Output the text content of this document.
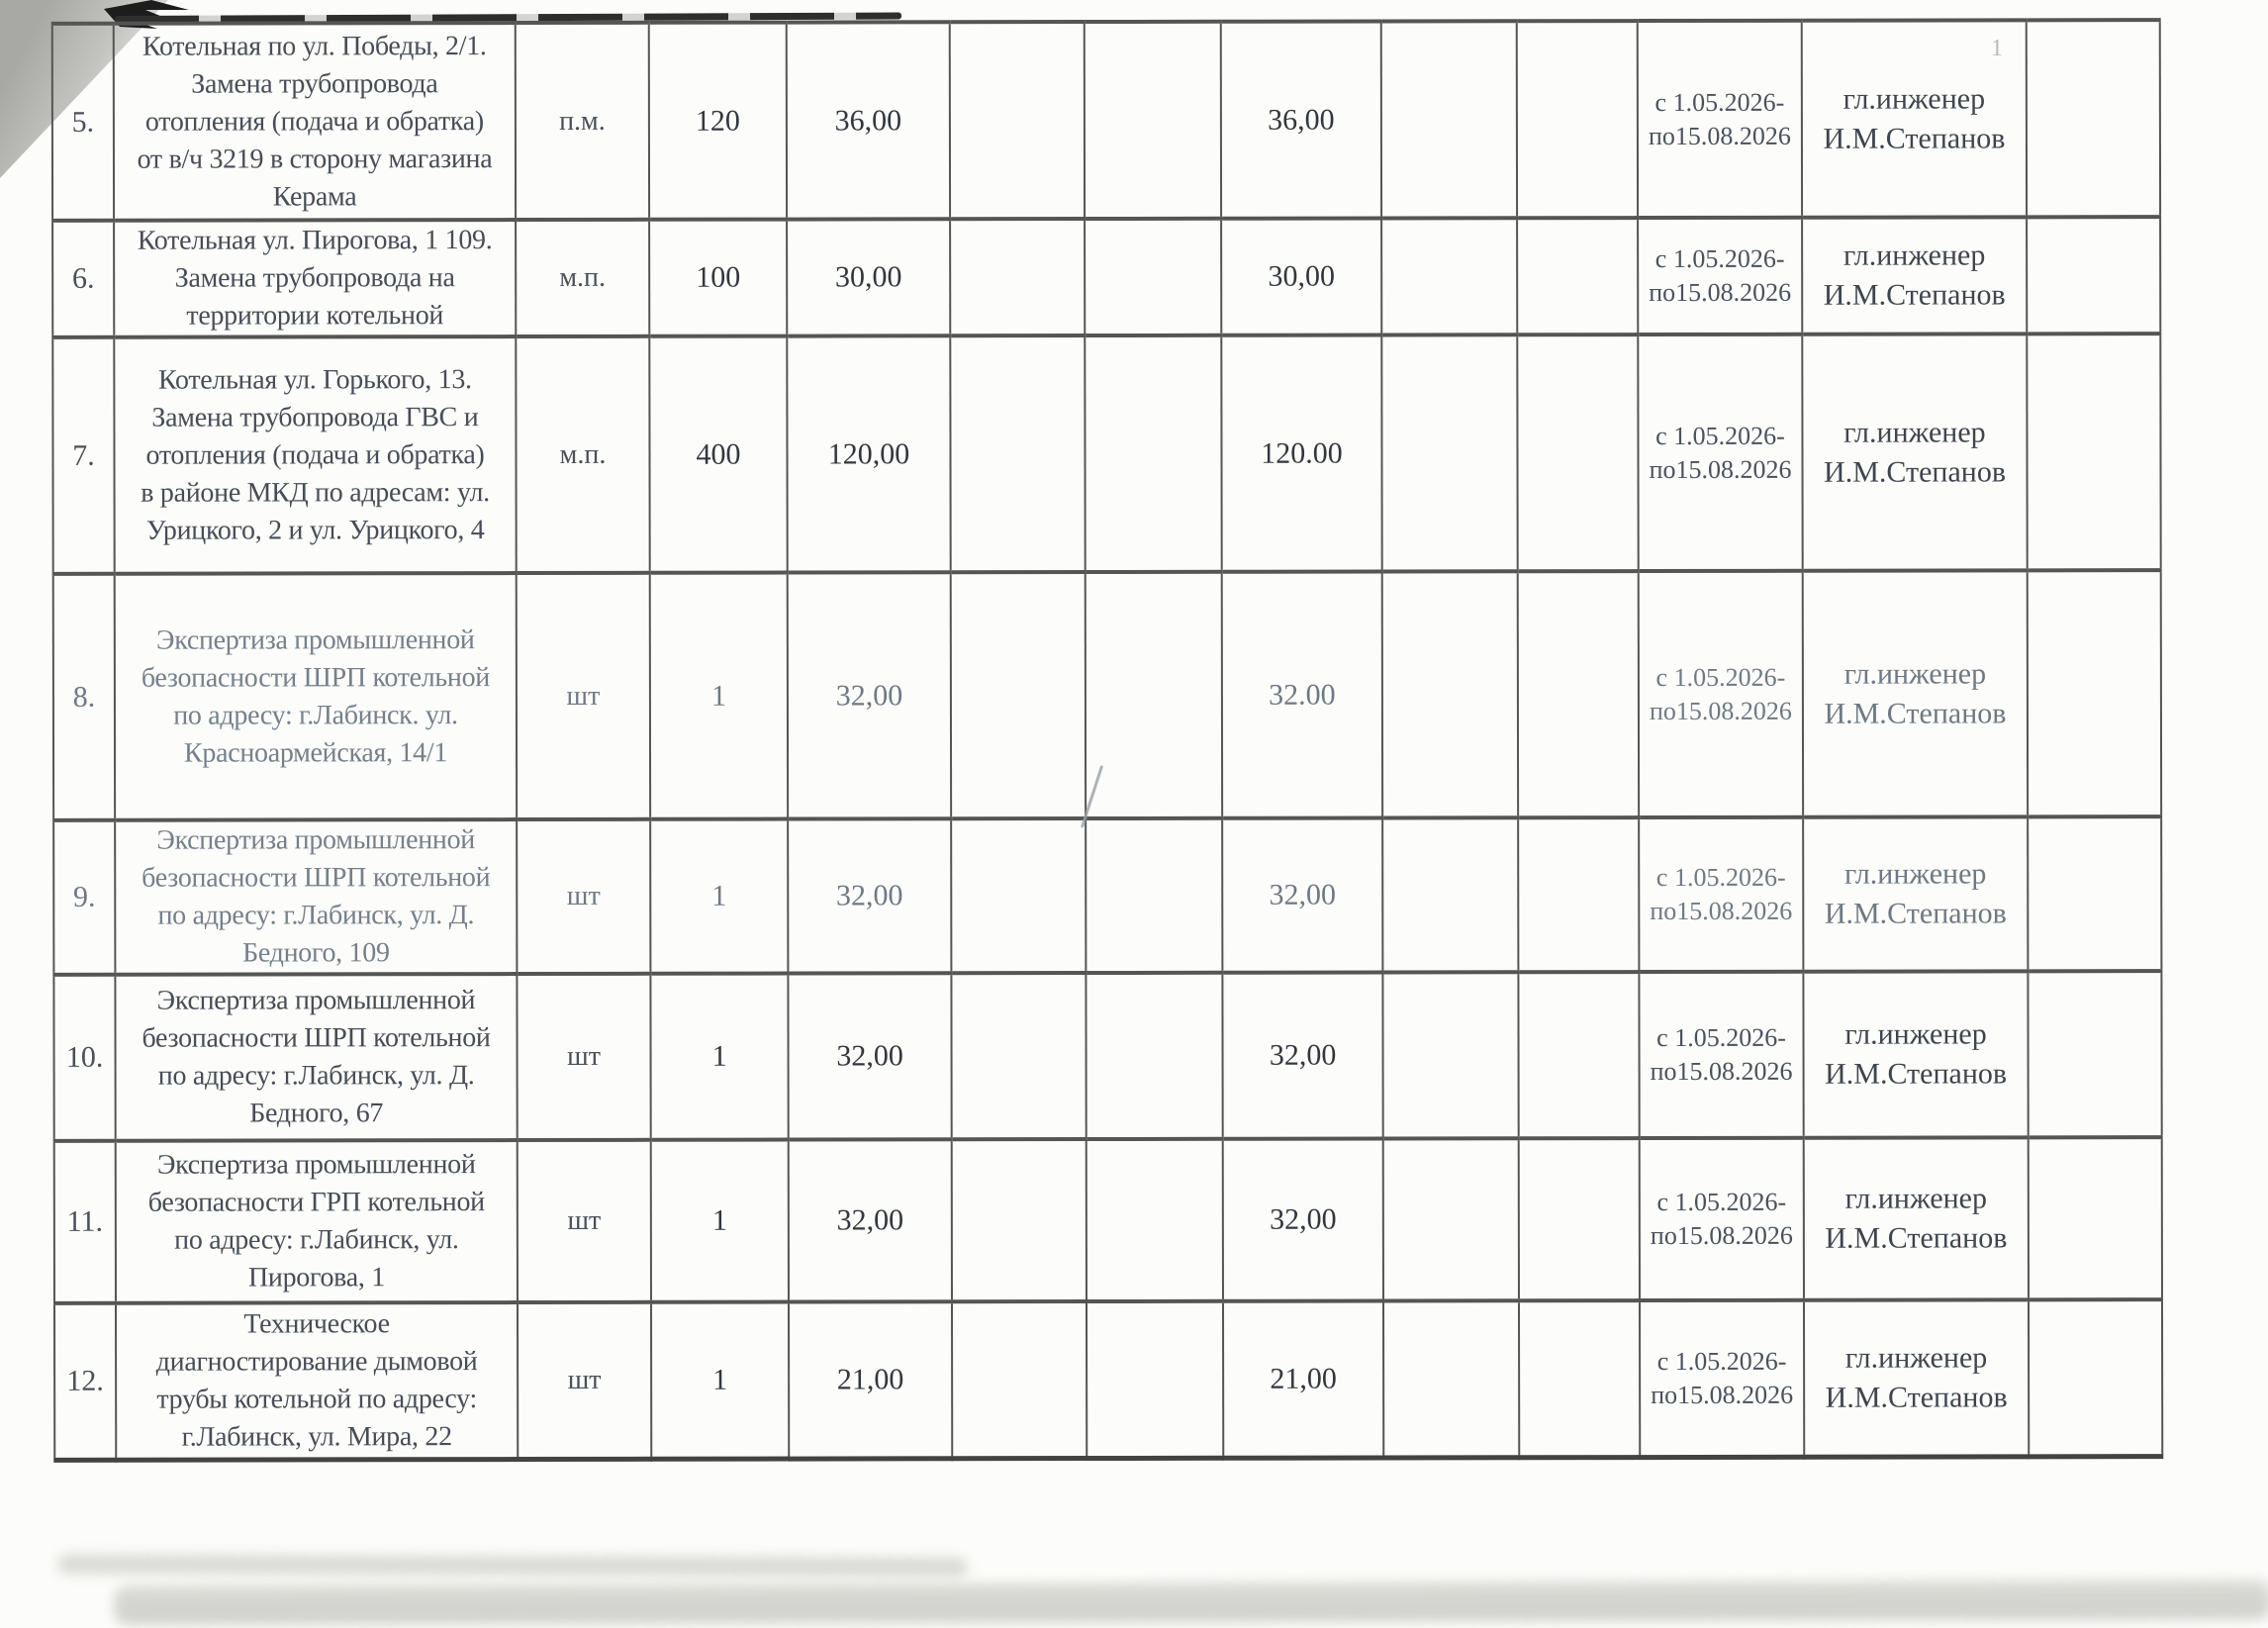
5.	Котельная по ул. Победы, 2/1.
Замена трубопровода
отопления (подача и обратка)
от в/ч 3219 в сторону магазина
Керама	п.м.	120	36,00			36,00			с 1.05.2026-
по15.08.2026	гл.инженер
И.М.Степанов	

6.	Котельная ул. Пирогова, 1 109.
Замена трубопровода на
территории котельной	м.п.	100	30,00			30,00			с 1.05.2026-
по15.08.2026	гл.инженер
И.М.Степанов	

7.	Котельная ул. Горького, 13.
Замена трубопровода ГВС и
отопления (подача и обратка)
в районе МКД по адресам: ул.
Урицкого, 2 и ул. Урицкого, 4	м.п.	400	120,00			120.00			с 1.05.2026-
по15.08.2026	гл.инженер
И.М.Степанов	

8.	Экспертиза промышленной
безопасности ШРП котельной
по адресу: г.Лабинск. ул.
Красноармейская, 14/1	шт	1	32,00			32.00			с 1.05.2026-
по15.08.2026	гл.инженер
И.М.Степанов	

9.	Экспертиза промышленной
безопасности ШРП котельной
по адресу: г.Лабинск, ул. Д.
Бедного, 109	шт	1	32,00			32,00			с 1.05.2026-
по15.08.2026	гл.инженер
И.М.Степанов	

10.	Экспертиза промышленной
безопасности ШРП котельной
по адресу: г.Лабинск, ул. Д.
Бедного, 67	шт	1	32,00			32,00			с 1.05.2026-
по15.08.2026	гл.инженер
И.М.Степанов	

11.	Экспертиза промышленной
безопасности ГРП котельной
по адресу: г.Лабинск, ул.
Пирогова, 1	шт	1	32,00			32,00			с 1.05.2026-
по15.08.2026	гл.инженер
И.М.Степанов	

12.	Техническое
диагностирование дымовой
трубы котельной по адресу:
г.Лабинск, ул. Мира, 22	шт	1	21,00			21,00			с 1.05.2026-
по15.08.2026	гл.инженер
И.М.Степанов	

1
